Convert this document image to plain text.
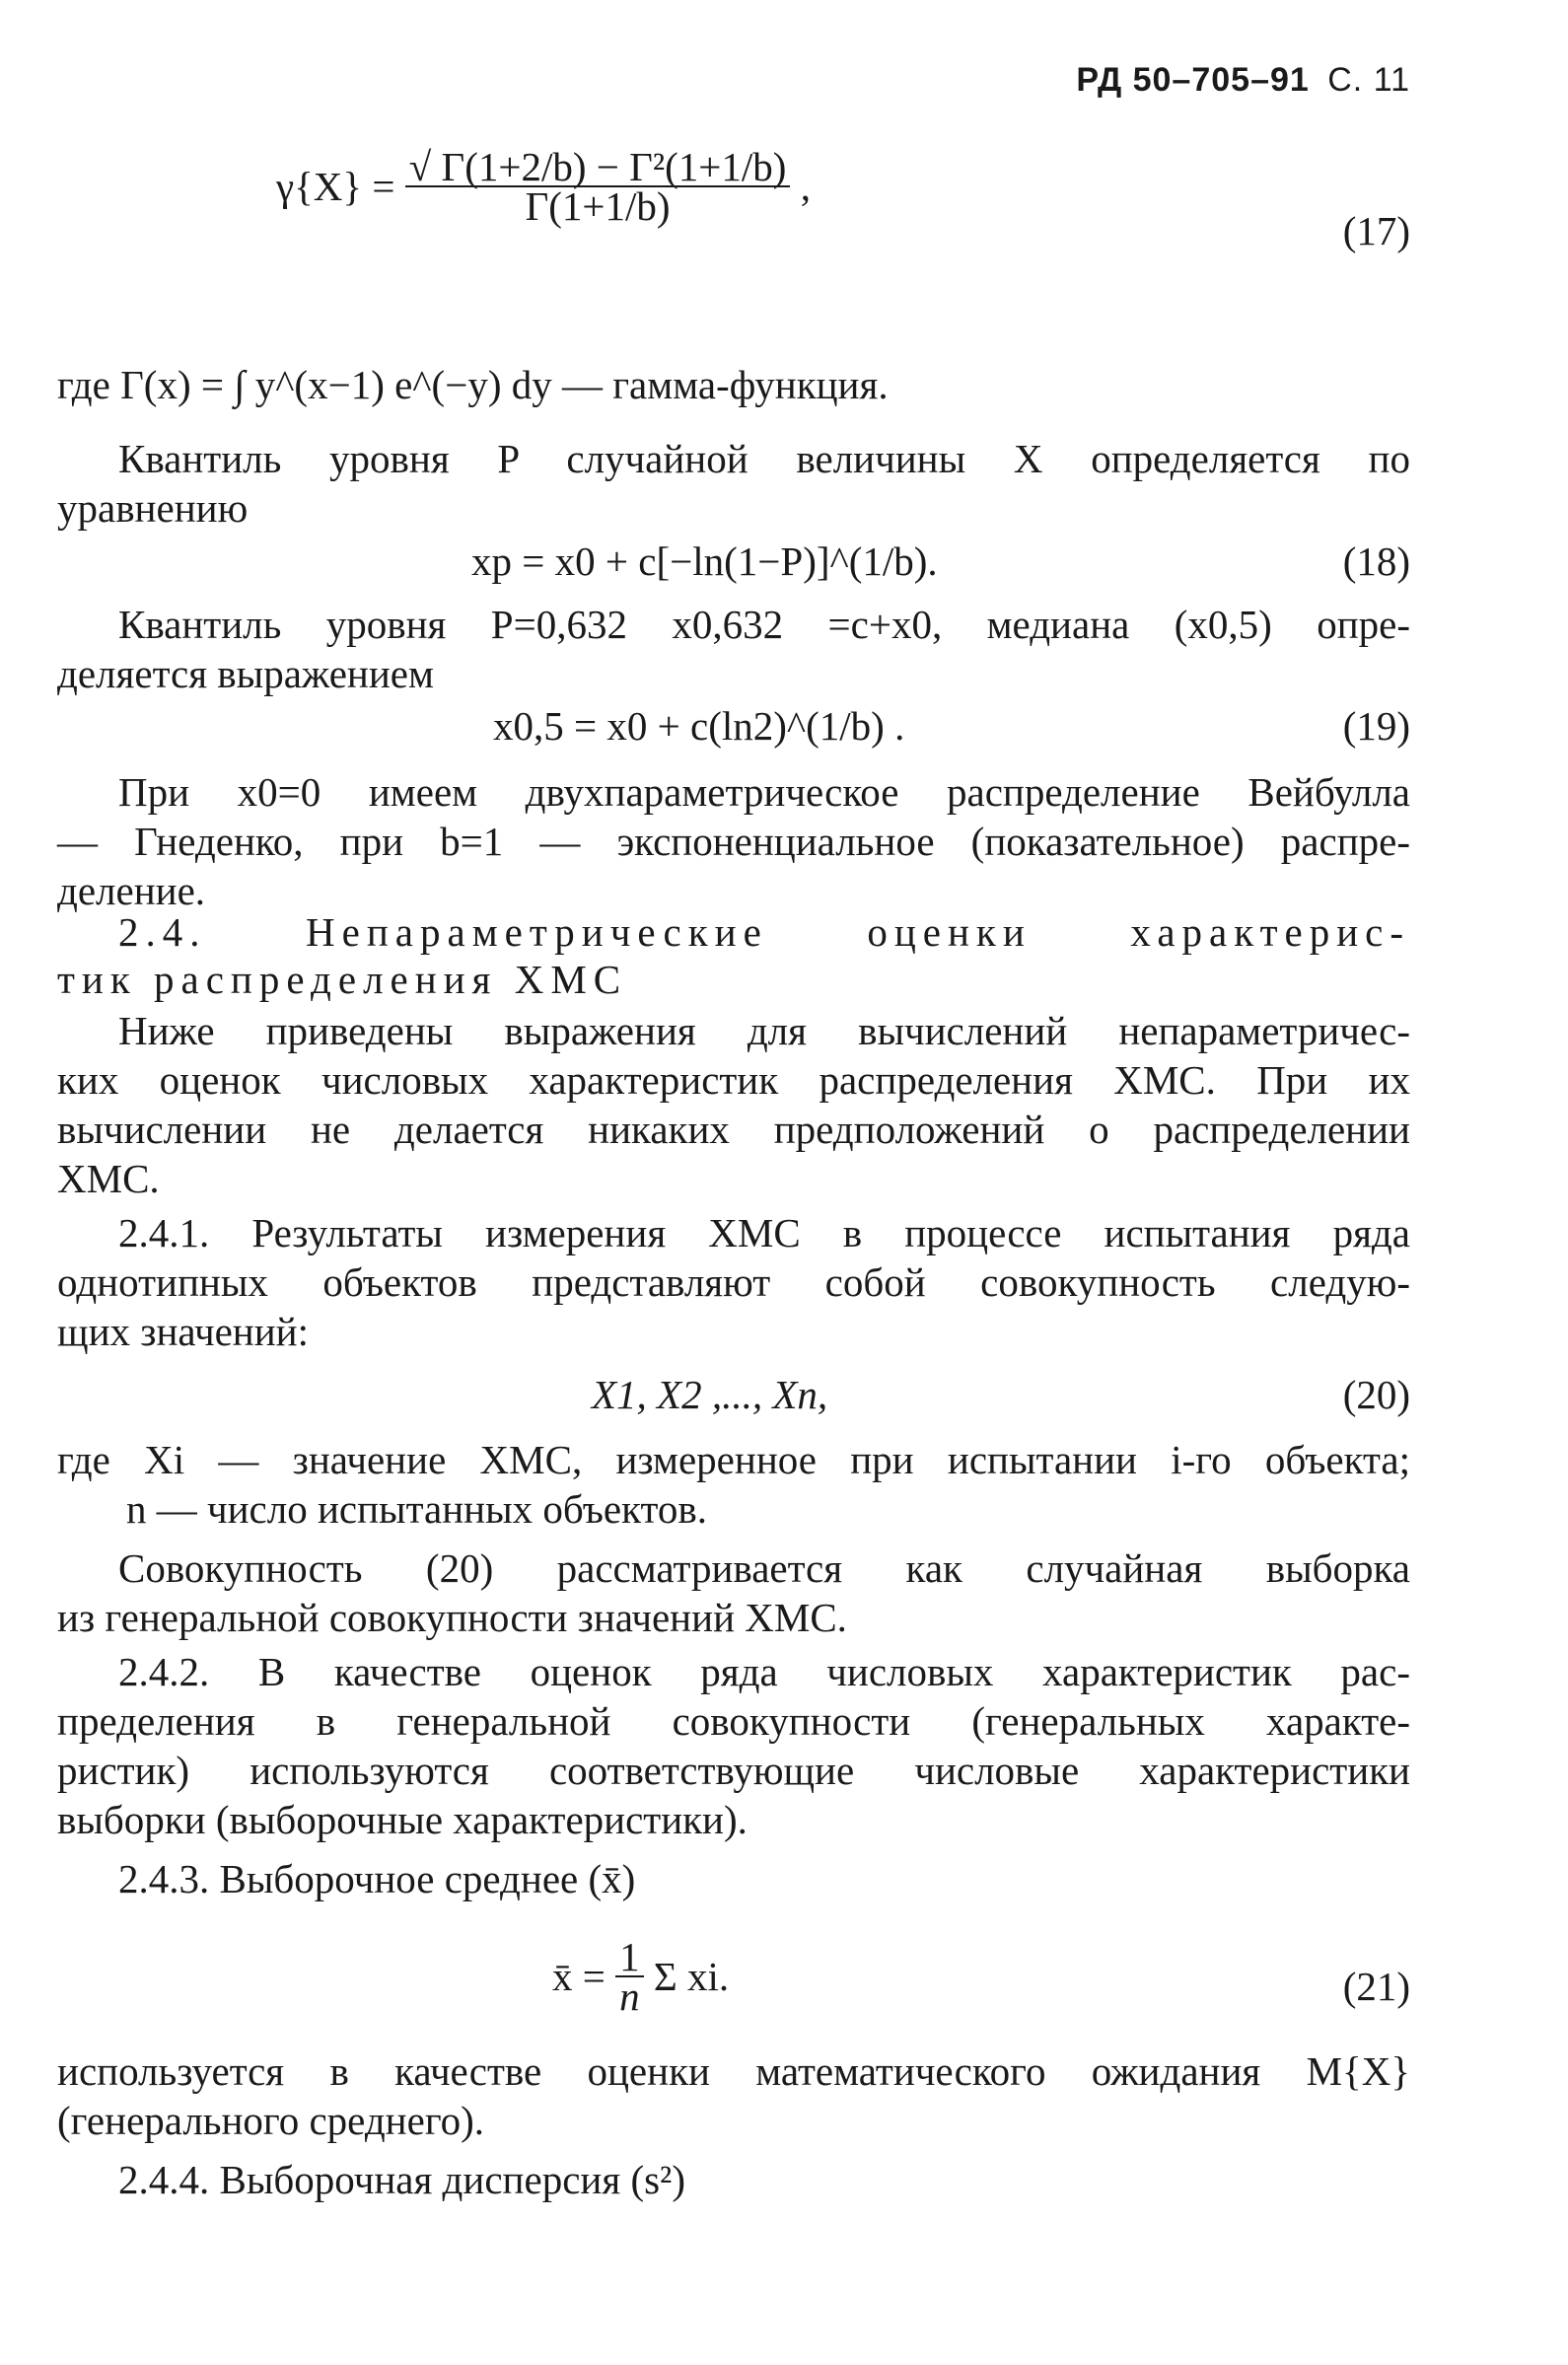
РД 50–705–91 С. 11
$\gamma\{X\} = \frac{\text{√ Γ(1+2/b) − Γ²(1+1/b)}}{\Gamma(1+1/b)}$ ,
(17)
где Γ(x) = ∫ y^(x−1) e^(−y) dy — гамма-функция.
Квантиль уровня P случайной величины X определяется по
уравнению
xp = x0 + c[−ln(1−P)]^(1/b).	(18)
Квантиль уровня P=0,632 x0,632 =c+x0, медиана (x0,5) опре-
деляется выражением
x0,5 = x0 + c(ln2)^(1/b) .	(19)
При x0=0 имеем двухпараметрическое распределение Вейбулла
— Гнеденко, при b=1 — экспоненциальное (показательное) распре-
деление.
2.4. Непараметрические оценки характерис-
тик распределения ХМС
Ниже приведены выражения для вычислений непараметричес-
ких оценок числовых характеристик распределения ХМС. При их
вычислении не делается никаких предположений о распределении
ХМС.
2.4.1. Результаты измерения ХМС в процессе испытания ряда
однотипных объектов представляют собой совокупность следую-
щих значений:
X1, X2 ,..., Xn,	(20)
где Xi — значение ХМС, измеренное при испытании i-го объекта;
n — число испытанных объектов.
Совокупность (20) рассматривается как случайная выборка
из генеральной совокупности значений ХМС.
2.4.2. В качестве оценок ряда числовых характеристик рас-
пределения в генеральной совокупности (генеральных характе-
ристик) используются соответствующие числовые характеристики
выборки (выборочные характеристики).
2.4.3. Выборочное среднее (x̄)
x̄ = $\frac{1}{n}$ Σ xi.	(21)
используется в качестве оценки математического ожидания M{X}
(генерального среднего).
2.4.4. Выборочная дисперсия (s²)
